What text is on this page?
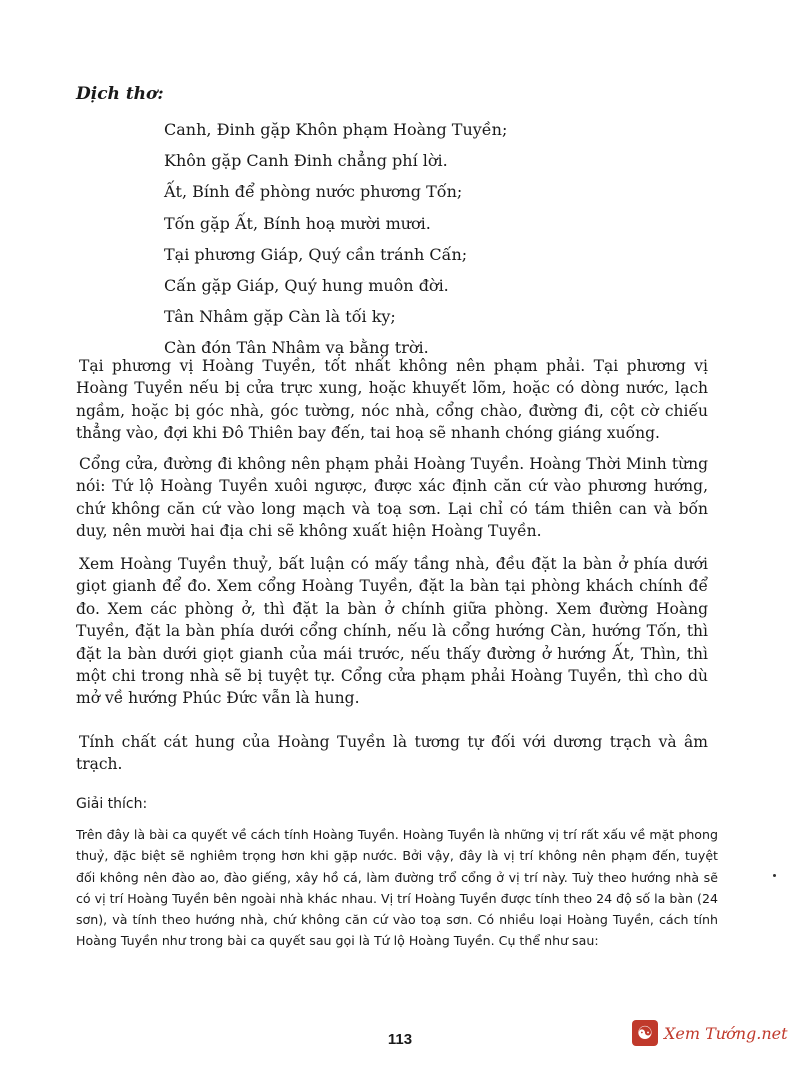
Dịch thơ:
Canh, Đinh gặp Khôn phạm Hoàng Tuyền;
Khôn gặp Canh Đinh chẳng phí lời.
Ất, Bính để phòng nước phương Tốn;
Tốn gặp Ất, Bính hoạ mười mươi.
Tại phương Giáp, Quý cần tránh Cấn;
Cấn gặp Giáp, Quý hung muôn đời.
Tân Nhâm gặp Càn là tối ky;
Càn đón Tân Nhâm vạ bằng trời.

Tại phương vị Hoàng Tuyền, tốt nhất không nên phạm phải. Tại phương vị Hoàng Tuyền nếu bị cửa trực xung, hoặc khuyết lõm, hoặc có dòng nước, lạch ngầm, hoặc bị góc nhà, góc tường, nóc nhà, cổng chào, đường đi, cột cờ chiếu thẳng vào, đợi khi Đô Thiên bay đến, tai hoạ sẽ nhanh chóng giáng xuống.

Cổng cửa, đường đi không nên phạm phải Hoàng Tuyền. Hoàng Thời Minh từng nói: Tứ lộ Hoàng Tuyền xuôi ngược, được xác định căn cứ vào phương hướng, chứ không căn cứ vào long mạch và toạ sơn. Lại chỉ có tám thiên can và bốn duy, nên mười hai địa chi sẽ không xuất hiện Hoàng Tuyền.

Xem Hoàng Tuyền thuỷ, bất luận có mấy tầng nhà, đều đặt la bàn ở phía dưới giọt gianh để đo. Xem cổng Hoàng Tuyền, đặt la bàn tại phòng khách chính để đo. Xem các phòng ở, thì đặt la bàn ở chính giữa phòng. Xem đường Hoàng Tuyền, đặt la bàn phía dưới cổng chính, nếu là cổng hướng Càn, hướng Tốn, thì đặt la bàn dưới giọt gianh của mái trước, nếu thấy đường ở hướng Ất, Thìn, thì một chi trong nhà sẽ bị tuyệt tự. Cổng cửa phạm phải Hoàng Tuyền, thì cho dù mở về hướng Phúc Đức vẫn là hung.

Tính chất cát hung của Hoàng Tuyền là tương tự đối với dương trạch và âm trạch.

Giải thích:

Trên đây là bài ca quyết về cách tính Hoàng Tuyền. Hoàng Tuyền là những vị trí rất xấu về mặt phong thuỷ, đặc biệt sẽ nghiêm trọng hơn khi gặp nước. Bởi vậy, đây là vị trí không nên phạm đến, tuyệt đối không nên đào ao, đào giếng, xây hồ cá, làm đường trổ cổng ở vị trí này. Tuỳ theo hướng nhà sẽ có vị trí Hoàng Tuyền bên ngoài nhà khác nhau. Vị trí Hoàng Tuyền được tính theo 24 độ số la bàn (24 sơn), và tính theo hướng nhà, chứ không căn cứ vào toạ sơn. Có nhiều loại Hoàng Tuyền, cách tính Hoàng Tuyền như trong bài ca quyết sau gọi là Tứ lộ Hoàng Tuyền. Cụ thể như sau:

113	☯ Xem Tướng.net
